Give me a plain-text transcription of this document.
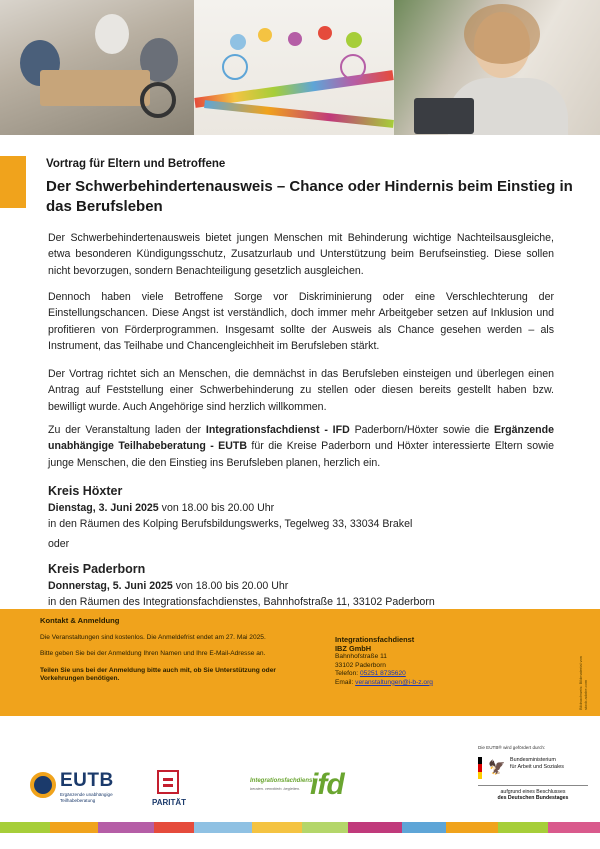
Vortrag für Eltern und Betroffene
Der Schwerbehindertenausweis – Chance oder Hindernis beim Einstieg in das Berufsleben

Der Schwerbehindertenausweis bietet jungen Menschen mit Behinderung wichtige Nachteilsausgleiche, etwa besonderen Kündigungsschutz, Zusatzurlaub und Unterstützung beim Berufseinstieg. Diese sollen nicht bevorzugen, sondern Benachteiligung gesetzlich ausgleichen.

Dennoch haben viele Betroffene Sorge vor Diskriminierung oder eine Verschlechterung der Einstellungschancen. Diese Angst ist verständlich, doch immer mehr Arbeitgeber setzen auf Inklusion und profitieren von Förderprogrammen. Insgesamt sollte der Ausweis als Chance gesehen werden – als Instrument, das Teilhabe und Chancengleichheit im Berufsleben stärkt.

Der Vortrag richtet sich an Menschen, die demnächst in das Berufsleben einsteigen und überlegen einen Antrag auf Feststellung einer Schwerbehinderung zu stellen oder diesen bereits gestellt haben bzw. bewilligt wurde. Auch Angehörige sind herzlich willkommen.

Zu der Veranstaltung laden der Integrationsfachdienst - IFD Paderborn/Höxter sowie die Ergänzende unabhängige Teilhabeberatung - EUTB für die Kreise Paderborn und Höxter interessierte Eltern sowie junge Menschen, die den Einstieg ins Berufsleben planen, herzlich ein.

Kreis Höxter
Dienstag, 3. Juni 2025 von 18.00 bis 20.00 Uhr
in den Räumen des Kolping Berufsbildungswerks, Tegelweg 33, 33034 Brakel
oder
Kreis Paderborn
Donnerstag, 5. Juni 2025 von 18.00 bis 20.00 Uhr
in den Räumen des Integrationsfachdienstes, Bahnhofstraße 11, 33102 Paderborn
Kontakt & Anmeldung

Die Veranstaltungen sind kostenlos. Die Anmeldefrist endet am 27. Mai 2025.

Bitte geben Sie bei der Anmeldung Ihren Namen und Ihre E-Mail-Adresse an.

Teilen Sie uns bei der Anmeldung bitte auch mit, ob Sie Unterstützung oder Vorkehrungen benötigen.

Integrationsfachdienst
IBZ GmbH
Bahnhofstraße 11
33102 Paderborn
Telefon: 05251 8735620
Email: veranstaltungen@i-b-z.org	Bildnachweis: Bildmaterial von stock.adobe.com
EUTB
Ergänzende unabhängige
Teilhabeberatung	PARITÄT
Integrationsfachdienst
beraten. vermitteln. begleiten. ifd
Die EUTB® wird gefördert durch:
🦅 Bundesministerium
für Arbeit und Soziales
aufgrund eines Beschlusses
des Deutschen Bundestages
